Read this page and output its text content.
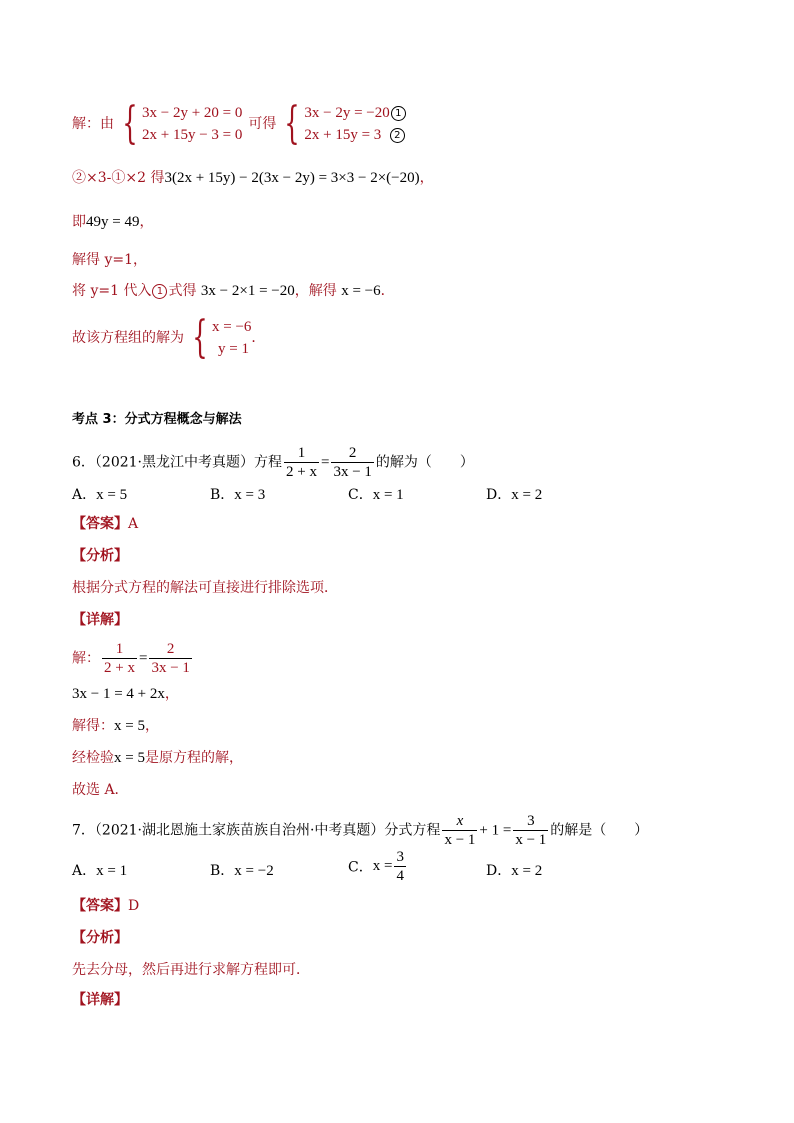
解：由 { 3x − 2y + 20 = 0
2x + 15y − 3 = 0
可得 { 3x − 2y = −20 1
2x + 15y = 3 2
②×3-①×2 得3(2x + 15y) − 2(3x − 2y) = 3×3 − 2×(−20)，
即49y = 49，
解得 y=1，
将 y=1 代入 1 式得 3x − 2×1 = −20，解得 x = −6．
故该方程组的解为 { x = −6
y = 1
．
考点 3：分式方程概念与解法
6．（2021·黑龙江中考真题）方程 $\frac{1}{2 + x} = \frac{2}{3x - 1}$ 的解为（　　）
A．x = 5	B．x = 3	C．x = 1	D．x = 2
【答案】A
【分析】
根据分式方程的解法可直接进行排除选项．
【详解】
解： $\frac{1}{2 + x} = \frac{2}{3x - 1}$
3x − 1 = 4 + 2x，
解得：x = 5，
经检验x = 5是原方程的解，
故选 A．
7．（2021·湖北恩施土家族苗族自治州·中考真题）分式方程 $\frac{x}{x - 1} + 1 = \frac{3}{x - 1}$ 的解是（　　）
A．x = 1	B．x = −2	C．$x = \frac{3}{4}$	D．x = 2
【答案】D
【分析】
先去分母，然后再进行求解方程即可．
【详解】
